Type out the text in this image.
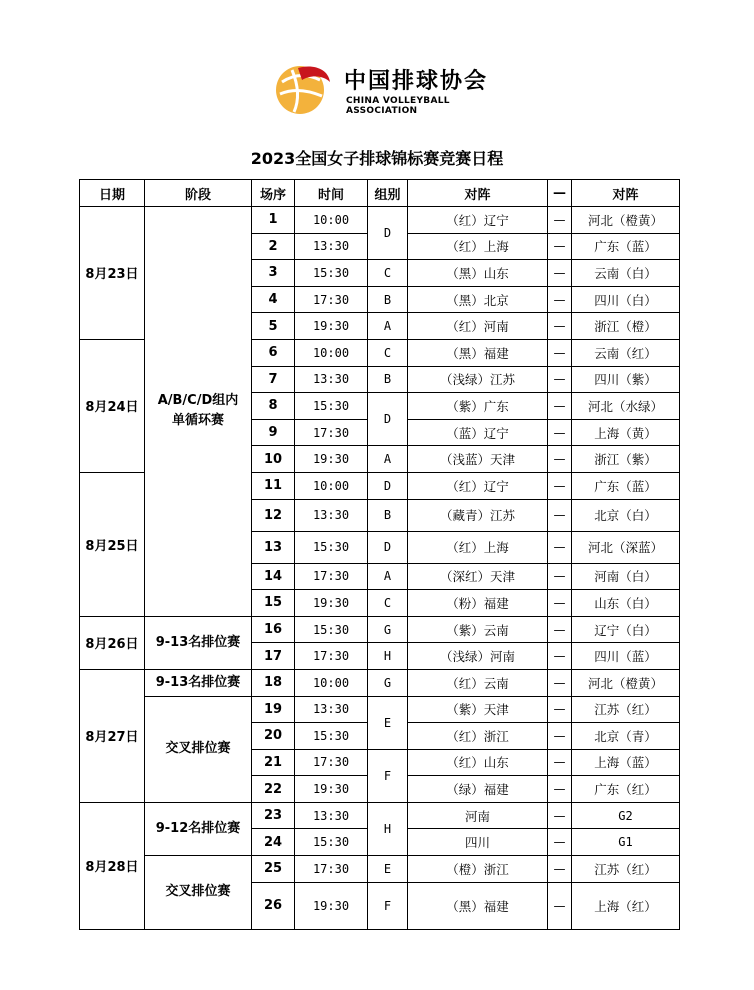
中国排球协会
CHINA VOLLEYBALL ASSOCIATION
2023全国女子排球锦标赛竞赛日程
日期	阶段	场序	时间	组别	对阵	—	对阵
8月23日	A/B/C/D组内单循环赛	1	10:00	D	（红）辽宁	—	河北（橙黄）
		2	13:30		（红）上海	—	广东（蓝）
		3	15:30	C	（黑）山东	—	云南（白）
		4	17:30	B	（黑）北京	—	四川（白）
		5	19:30	A	（红）河南	—	浙江（橙）
8月24日		6	10:00	C	（黑）福建	—	云南（红）
		7	13:30	B	（浅绿）江苏	—	四川（紫）
		8	15:30	D	（紫）广东	—	河北（水绿）
		9	17:30		（蓝）辽宁	—	上海（黄）
		10	19:30	A	（浅蓝）天津	—	浙江（紫）
8月25日		11	10:00	D	（红）辽宁	—	广东（蓝）
		12	13:30	B	（藏青）江苏	—	北京（白）
		13	15:30	D	（红）上海	—	河北（深蓝）
		14	17:30	A	（深红）天津	—	河南（白）
		15	19:30	C	（粉）福建	—	山东（白）
8月26日	9-13名排位赛	16	15:30	G	（紫）云南	—	辽宁（白）
		17	17:30	H	（浅绿）河南	—	四川（蓝）
8月27日	9-13名排位赛	18	10:00	G	（红）云南	—	河北（橙黄）
	交叉排位赛	19	13:30	E	（紫）天津	—	江苏（红）
		20	15:30		（红）浙江	—	北京（青）
		21	17:30	F	（红）山东	—	上海（蓝）
		22	19:30		（绿）福建	—	广东（红）
8月28日	9-12名排位赛	23	13:30	H	河南	—	G2
		24	15:30		四川	—	G1
	交叉排位赛	25	17:30	E	（橙）浙江	—	江苏（红）
		26	19:30	F	（黑）福建	—	上海（红）
